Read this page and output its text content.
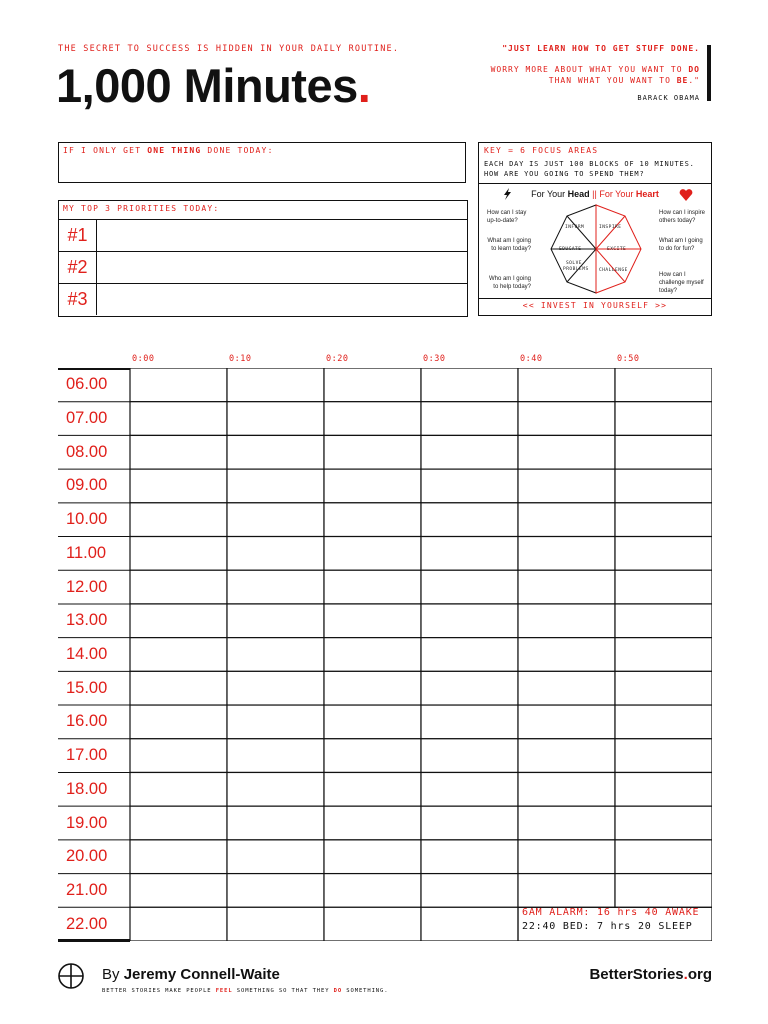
THE SECRET TO SUCCESS IS HIDDEN IN YOUR DAILY ROUTINE.
1,000 Minutes.
"JUST LEARN HOW TO GET STUFF DONE.
WORRY MORE ABOUT WHAT YOU WANT TO DO
THAN WHAT YOU WANT TO BE."
BARACK OBAMA
IF I ONLY GET ONE THING DONE TODAY:
MY TOP 3 PRIORITIES TODAY:
#1
#2
#3
KEY = 6 FOCUS AREAS
EACH DAY IS JUST 100 BLOCKS OF 10 MINUTES.
HOW ARE YOU GOING TO SPEND THEM?
For Your Head || For Your Heart
How can I stay up-to-date?
What am I going to learn today?
Who am I going to help today?
How can I inspire others today?
What am I going to do for fun?
How can I challenge myself today?
INFORM
EDUCATE
SOLVE PROBLEMS
INSPIRE
EXCITE
CHALLENGE
<< INVEST IN YOURSELF >>
0:00	0:10	0:20	0:30	0:40	0:50
06.00
07.00
08.00
09.00
10.00
11.00
12.00
13.00
14.00
15.00
16.00
17.00
18.00
19.00
20.00
21.00
22.00
6AM ALARM: 16 hrs 40 AWAKE
22:40 BED: 7 hrs 20 SLEEP
By Jeremy Connell-Waite
BETTER STORIES MAKE PEOPLE FEEL SOMETHING SO THAT THEY DO SOMETHING.
BetterStories.org
